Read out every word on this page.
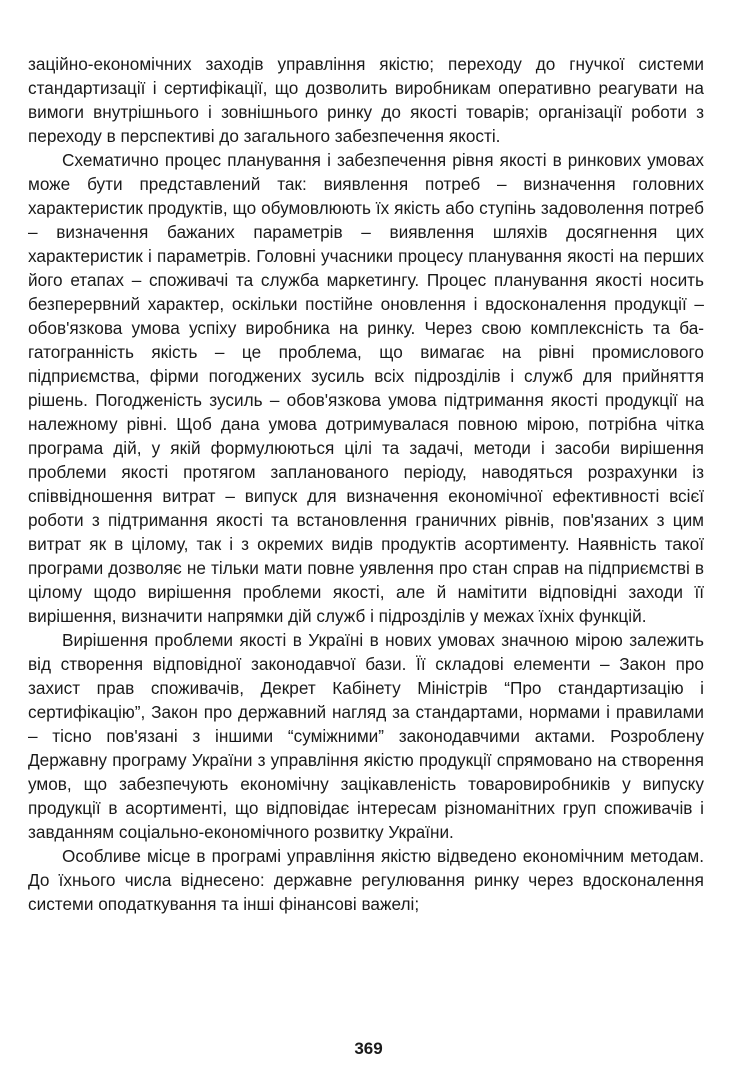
заційно-економічних заходів управління якістю; переходу до гнучкої системи стандартизації і сертифікації, що дозволить виробникам оперативно реагувати на вимоги внутрішнього і зовнішнього ринку до якості товарів; організації роботи з переходу в перспективі до загального забезпечення якості.

Схематично процес планування і забезпечення рівня якості в ринкових умовах може бути представлений так: виявлення потреб – визначення головних характеристик продуктів, що обумовлюють їх якість або ступінь задоволення потреб – визначення бажаних параметрів – виявлення шляхів досягнення цих характеристик і параметрів. Головні учасники процесу планування якості на перших його етапах – споживачі та служба маркетингу. Процес планування якості носить безперервний характер, оскільки постійне оновлення і вдосконалення продукції – обов'язкова умова успіху виробника на ринку. Через свою комплексність та багатогранність якість – це проблема, що вимагає на рівні промислового підприємства, фірми погоджених зусиль всіх підрозділів і служб для прийняття рішень. Погодженість зусиль – обов'язкова умова підтримання якості продукції на належному рівні. Щоб дана умова дотримувалася повною мірою, потрібна чітка програма дій, у якій формулюються цілі та задачі, методи і засоби вирішення проблеми якості протягом запланованого періоду, наводяться розрахунки із співвідношення витрат – випуск для визначення економічної ефективності всієї роботи з підтримання якості та встановлення граничних рівнів, пов'язаних з цим витрат як в цілому, так і з окремих видів продуктів асортименту. Наявність такої програми дозволяє не тільки мати повне уявлення про стан справ на підприємстві в цілому щодо вирішення проблеми якості, але й намітити відповідні заходи її вирішення, визначити напрямки дій служб і підрозділів у межах їхніх функцій.

Вирішення проблеми якості в Україні в нових умовах значною мірою залежить від створення відповідної законодавчої бази. Її складові елементи – Закон про захист прав споживачів, Декрет Кабінету Міністрів “Про стандартизацію і сертифікацію”, Закон про державний нагляд за стандартами, нормами і правилами – тісно пов'язані з іншими “суміжними” законодавчими актами. Розроблену Державну програму України з управління якістю продукції спрямовано на створення умов, що забезпечують економічну зацікавленість товаровиробників у випуску продукції в асортименті, що відповідає інтересам різноманітних груп споживачів і завданням соціально-економічного розвитку України.

Особливе місце в програмі управління якістю відведено економічним методам. До їхнього числа віднесено: державне регулювання ринку через вдосконалення системи оподаткування та інші фінансові важелі;

369
